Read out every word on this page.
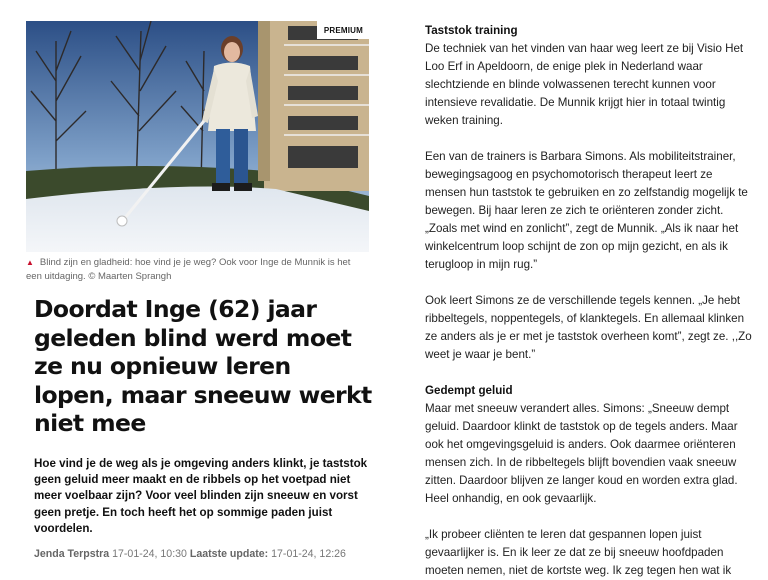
PREMIUM
▲ Blind zijn en gladheid: hoe vind je je weg? Ook voor Inge de Munnik is het een uitdaging. © Maarten Sprangh
Doordat Inge (62) jaar geleden blind werd moet ze nu opnieuw leren lopen, maar sneeuw werkt niet mee

Hoe vind je de weg als je omgeving anders klinkt, je taststok geen geluid meer maakt en de ribbels op het voetpad niet meer voelbaar zijn? Voor veel blinden zijn sneeuw en vorst geen pretje. En toch heeft het op sommige paden juist voordelen.

Jenda Terpstra 17-01-24, 10:30 Laatste update: 17-01-24, 12:26
Taststok training

De techniek van het vinden van haar weg leert ze bij Visio Het Loo Erf in Apeldoorn, de enige plek in Nederland waar slechtziende en blinde volwassenen terecht kunnen voor intensieve revalidatie. De Munnik krijgt hier in totaal twintig weken training.

Een van de trainers is Barbara Simons. Als mobiliteitstrainer, bewegingsagoog en psychomotorisch therapeut leert ze mensen hun taststok te gebruiken en zo zelfstandig mogelijk te bewegen. Bij haar leren ze zich te oriënteren zonder zicht. „Zoals met wind en zonlicht”, zegt de Munnik. „Als ik naar het winkelcentrum loop schijnt de zon op mijn gezicht, en als ik terugloop in mijn rug.”

Ook leert Simons ze de verschillende tegels kennen. „Je hebt ribbeltegels, noppentegels, of klanktegels. En allemaal klinken ze anders als je er met je taststok overheen komt”, zegt ze. ,,Zo weet je waar je bent.”

Gedempt geluid

Maar met sneeuw verandert alles. Simons: „Sneeuw dempt geluid. Daardoor klinkt de taststok op de tegels anders. Maar ook het omgevingsgeluid is anders. Ook daarmee oriënteren mensen zich. In de ribbeltegels blijft bovendien vaak sneeuw zitten. Daardoor blijven ze langer koud en worden extra glad. Heel onhandig, en ook gevaarlijk.

„Ik probeer cliënten te leren dat gespannen lopen juist gevaarlijker is. En ik leer ze dat ze bij sneeuw hoofdpaden moeten nemen, niet de kortste weg. Ik zeg tegen hen wat ik
